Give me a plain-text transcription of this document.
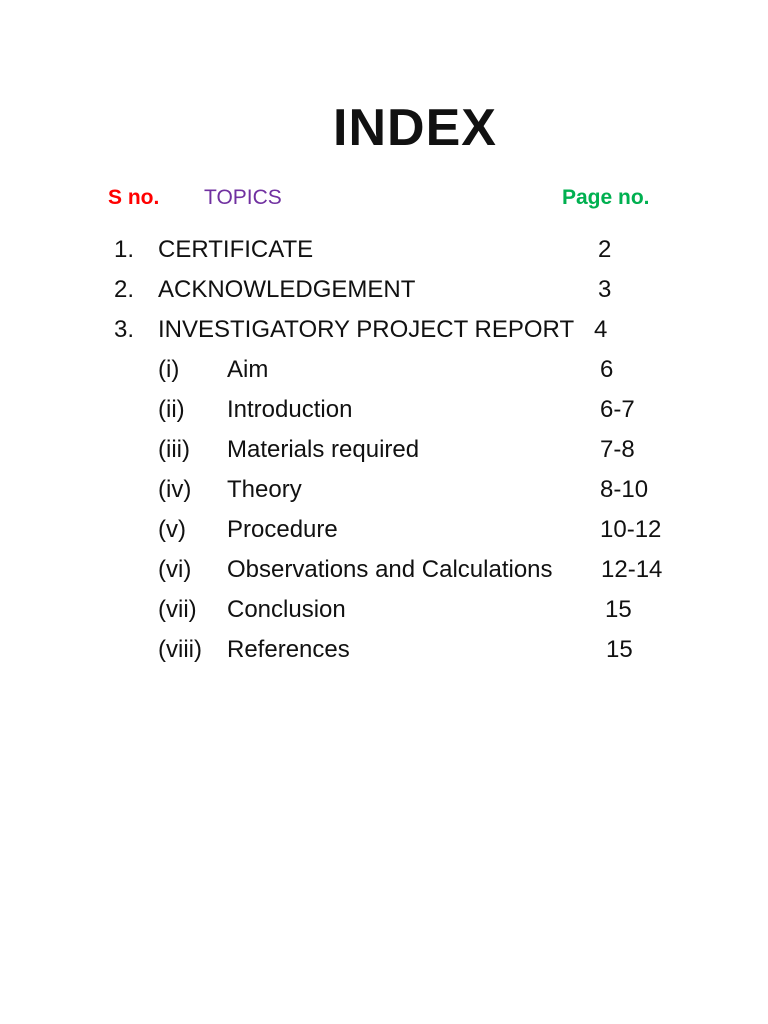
INDEX
S no. TOPICS	Page no.
1. CERTIFICATE	2
2. ACKNOWLEDGEMENT	3
3. INVESTIGATORY PROJECT REPORT 4
(i) Aim	6
(ii) Introduction	6-7
(iii) Materials required	7-8
(iv) Theory	8-10
(v) Procedure	10-12
(vi) Observations and Calculations 12-14
(vii) Conclusion	15
(viii) References	15
